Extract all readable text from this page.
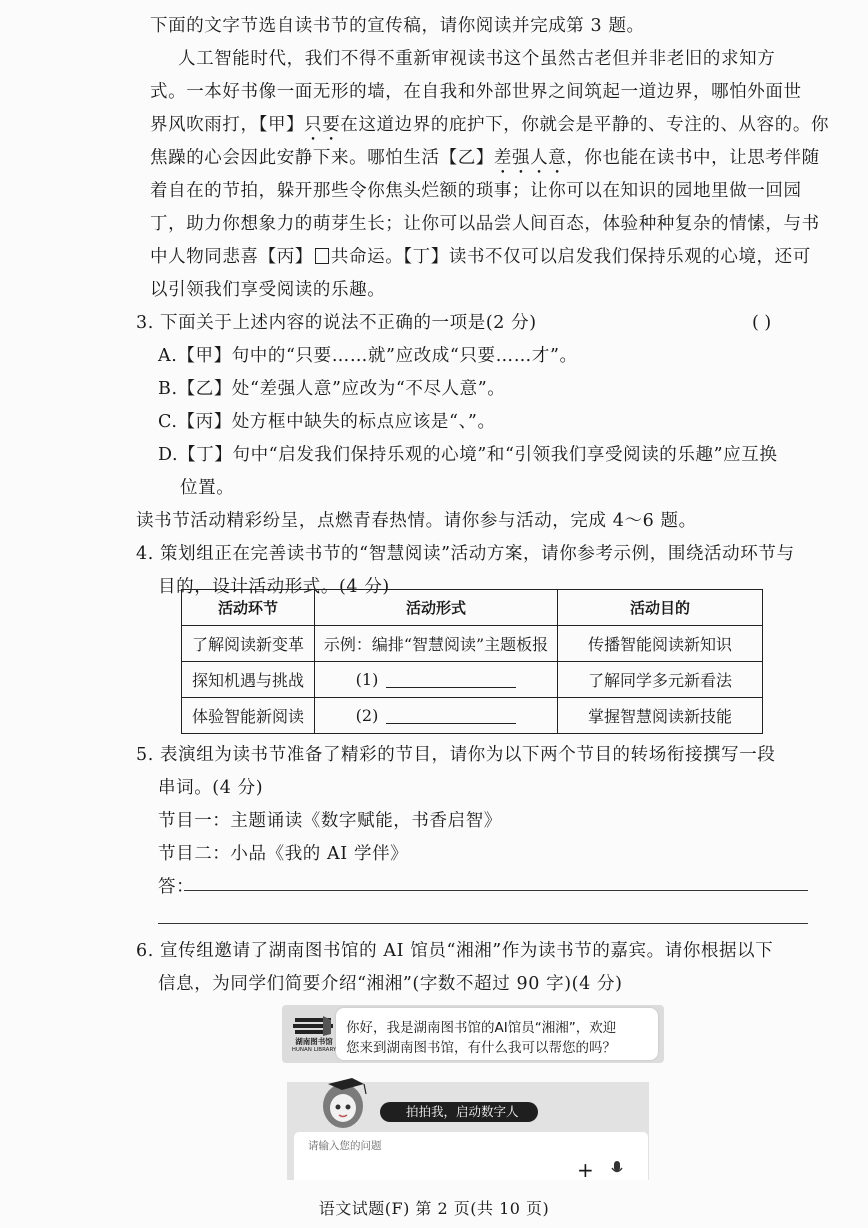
下面的文字节选自读书节的宣传稿，请你阅读并完成第 3 题。
人工智能时代，我们不得不重新审视读书这个虽然古老但并非老旧的求知方
式。一本好书像一面无形的墙，在自我和外部世界之间筑起一道边界，哪怕外面世
界风吹雨打，【甲】只要在这道边界的庇护下，你就会是平静的、专注的、从容的。你
焦躁的心会因此安静下来。哪怕生活【乙】差强人意，你也能在读书中，让思考伴随
着自在的节拍，躲开那些令你焦头烂额的琐事；让你可以在知识的园地里做一回园
丁，助力你想象力的萌芽生长；让你可以品尝人间百态，体验种种复杂的情愫，与书
中人物同悲喜【丙】 共命运。【丁】读书不仅可以启发我们保持乐观的心境，还可
以引领我们享受阅读的乐趣。
3. 下面关于上述内容的说法不正确的一项是(2 分)	( )
A.【甲】句中的“只要……就”应改成“只要……才”。
B.【乙】处“差强人意”应改为“不尽人意”。
C.【丙】处方框中缺失的标点应该是“、”。
D.【丁】句中“启发我们保持乐观的心境”和“引领我们享受阅读的乐趣”应互换
位置。
读书节活动精彩纷呈，点燃青春热情。请你参与活动，完成 4～6 题。
4. 策划组正在完善读书节的“智慧阅读”活动方案，请你参考示例，围绕活动环节与
目的，设计活动形式。(4 分)
活动环节	活动形式	活动目的
了解阅读新变革	示例：编排“智慧阅读”主题板报	传播智能阅读新知识
探知机遇与挑战	(1)	了解同学多元新看法
体验智能新阅读	(2)	掌握智慧阅读新技能
5. 表演组为读书节准备了精彩的节目，请你为以下两个节目的转场衔接撰写一段
串词。(4 分)
节目一：主题诵读《数字赋能，书香启智》
节目二：小品《我的 AI 学伴》
答：
6. 宣传组邀请了湖南图书馆的 AI 馆员“湘湘”作为读书节的嘉宾。请你根据以下
信息，为同学们简要介绍“湘湘”(字数不超过 90 字)(4 分)
湖南图书馆
HUNAN LIBRARY
你好，我是湖南图书馆的AI馆员“湘湘”，欢迎
您来到湖南图书馆，有什么我可以帮您的吗？
拍拍我，启动数字人
请输入您的问题
+
语文试题(F) 第 2 页(共 10 页)
